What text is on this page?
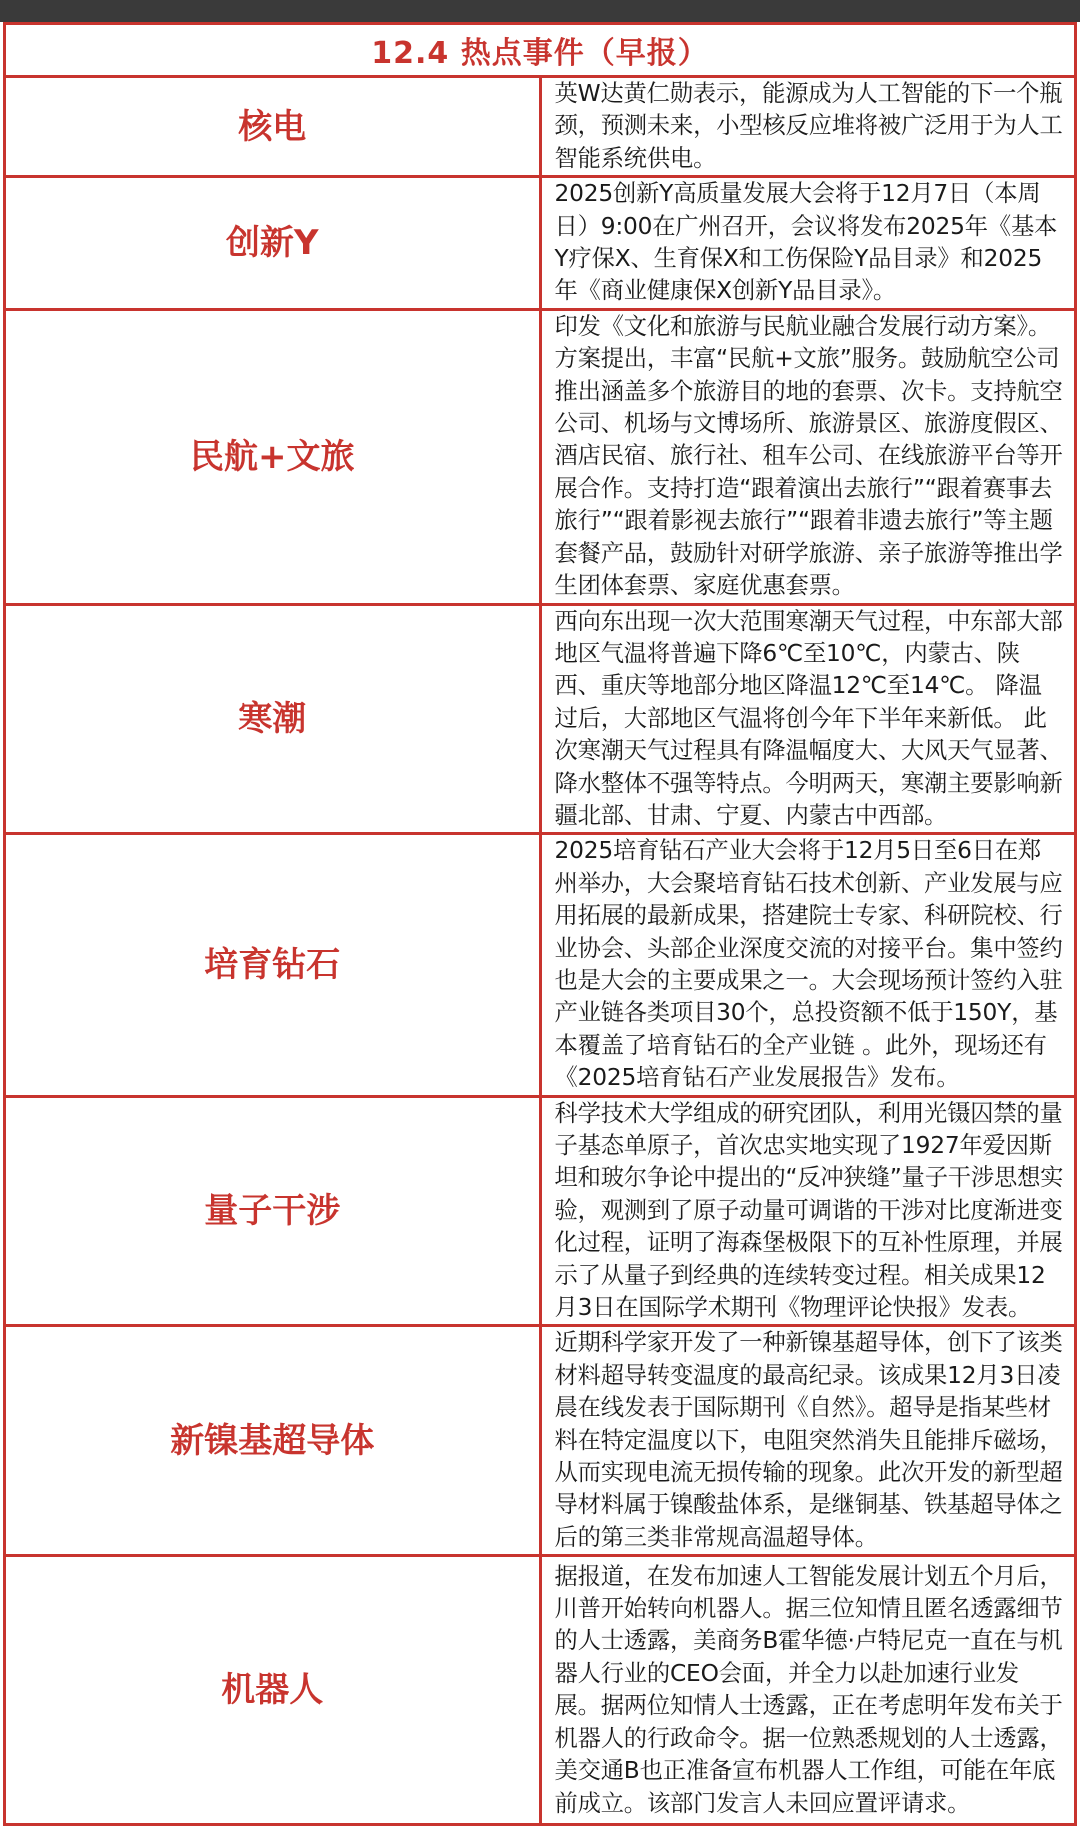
12.4 热点事件（早报）	
核电	英W达黄仁勋表示，能源成为人工智能的下一个瓶颈，预测未来，小型核反应堆将被广泛用于为人工智能系统供电。
创新Y	2025创新Y高质量发展大会将于12月7日（本周日）9:00在广州召开，会议将发布2025年《基本Y疗保X、生育保X和工伤保险Y品目录》和2025年《商业健康保X创新Y品目录》。
民航+文旅	印发《文化和旅游与民航业融合发展行动方案》。方案提出，丰富“民航+文旅”服务。鼓励航空公司推出涵盖多个旅游目的地的套票、次卡。支持航空公司、机场与文博场所、旅游景区、旅游度假区、酒店民宿、旅行社、租车公司、在线旅游平台等开展合作。支持打造“跟着演出去旅行”“跟着赛事去旅行”“跟着影视去旅行”“跟着非遗去旅行”等主题套餐产品，鼓励针对研学旅游、亲子旅游等推出学生团体套票、家庭优惠套票。
寒潮	西向东出现一次大范围寒潮天气过程，中东部大部地区气温将普遍下降6℃至10℃，内蒙古、陕西、重庆等地部分地区降温12℃至14℃。 降温过后，大部地区气温将创今年下半年来新低。 此次寒潮天气过程具有降温幅度大、大风天气显著、降水整体不强等特点。今明两天，寒潮主要影响新疆北部、甘肃、宁夏、内蒙古中西部。
培育钻石	2025培育钻石产业大会将于12月5日至6日在郑州举办，大会聚培育钻石技术创新、产业发展与应用拓展的最新成果，搭建院士专家、科研院校、行业协会、头部企业深度交流的对接平台。集中签约也是大会的主要成果之一。大会现场预计签约入驻产业链各类项目30个，总投资额不低于150Y，基本覆盖了培育钻石的全产业链 。此外，现场还有《2025培育钻石产业发展报告》发布。
量子干涉	科学技术大学组成的研究团队，利用光镊囚禁的量子基态单原子，首次忠实地实现了1927年爱因斯坦和玻尔争论中提出的“反冲狭缝”量子干涉思想实验，观测到了原子动量可调谐的干涉对比度渐进变化过程，证明了海森堡极限下的互补性原理，并展示了从量子到经典的连续转变过程。相关成果12月3日在国际学术期刊《物理评论快报》发表。
新镍基超导体	近期科学家开发了一种新镍基超导体，创下了该类材料超导转变温度的最高纪录。该成果12月3日凌晨在线发表于国际期刊《自然》。超导是指某些材料在特定温度以下，电阻突然消失且能排斥磁场，从而实现电流无损传输的现象。此次开发的新型超导材料属于镍酸盐体系，是继铜基、铁基超导体之后的第三类非常规高温超导体。
机器人	据报道，在发布加速人工智能发展计划五个月后，川普开始转向机器人。据三位知情且匿名透露细节的人士透露，美商务B霍华德·卢特尼克一直在与机器人行业的CEO会面，并全力以赴加速行业发展。据两位知情人士透露，正在考虑明年发布关于机器人的行政命令。据一位熟悉规划的人士透露，美交通B也正准备宣布机器人工作组，可能在年底前成立。该部门发言人未回应置评请求。
